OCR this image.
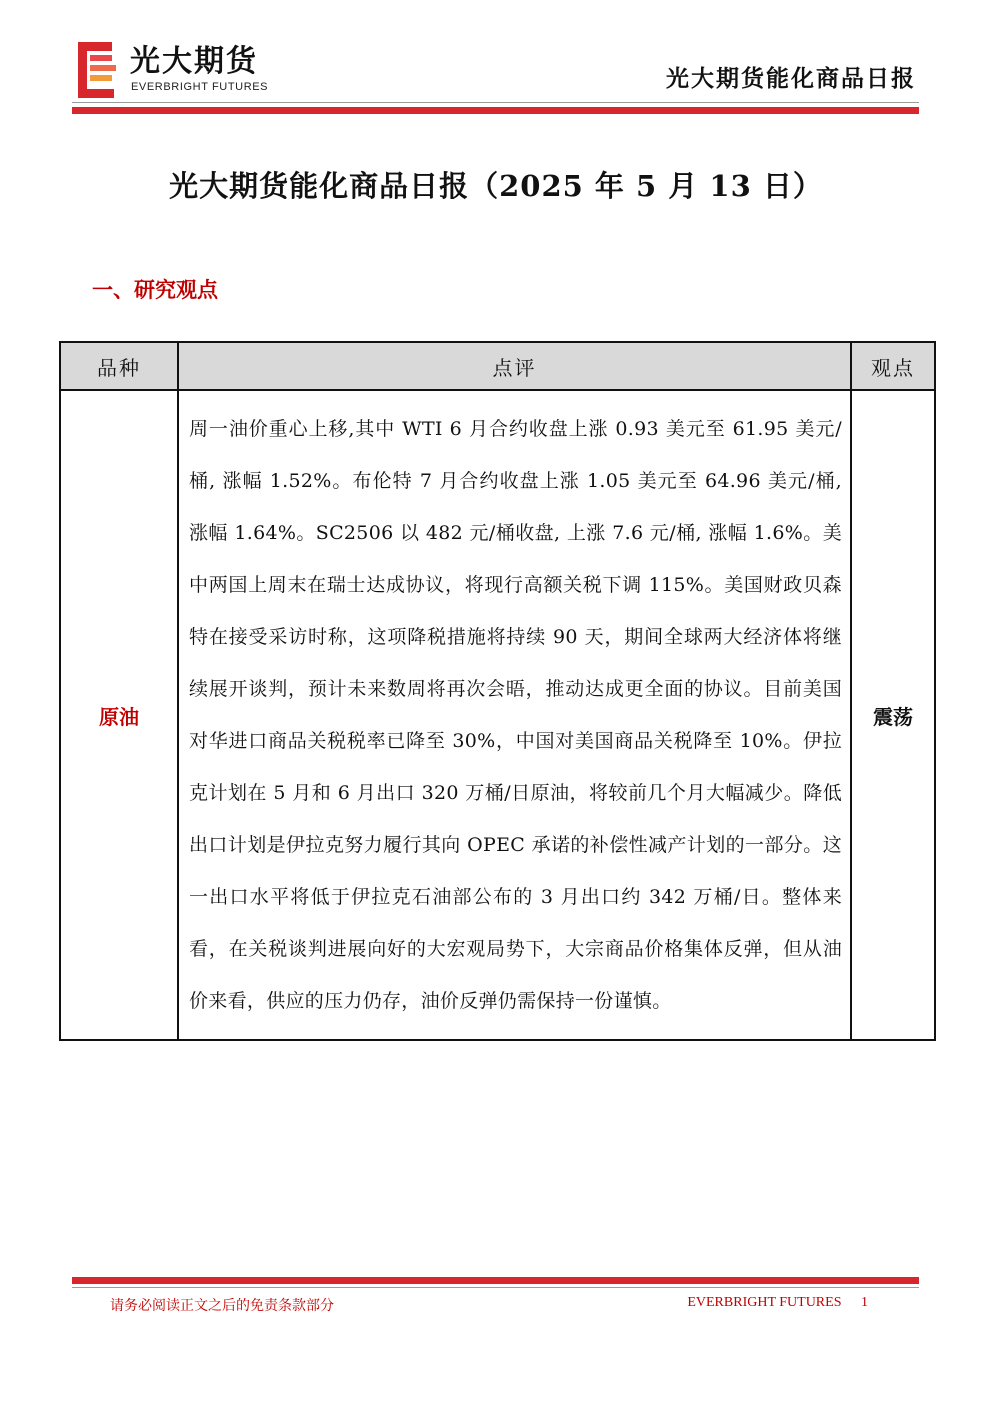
光大期货
EVERBRIGHT FUTURES	光大期货能化商品日报
光大期货能化商品日报（2025 年 5 月 13 日）
一、研究观点
品种	点评	观点
原油	周一油价重心上移,其中 WTI 6 月合约收盘上涨 0.93 美元至 61.95 美元/桶, 涨幅 1.52%。布伦特 7 月合约收盘上涨 1.05 美元至 64.96 美元/桶, 涨幅 1.64%。SC2506 以 482 元/桶收盘, 上涨 7.6 元/桶, 涨幅 1.6%。美中两国上周末在瑞士达成协议，将现行高额关税下调 115%。美国财政贝森特在接受采访时称，这项降税措施将持续 90 天，期间全球两大经济体将继续展开谈判，预计未来数周将再次会晤，推动达成更全面的协议。目前美国对华进口商品关税税率已降至 30%，中国对美国商品关税降至 10%。伊拉克计划在 5 月和 6 月出口 320 万桶/日原油，将较前几个月大幅减少。降低出口计划是伊拉克努力履行其向 OPEC 承诺的补偿性减产计划的一部分。这一出口水平将低于伊拉克石油部公布的 3 月出口约 342 万桶/日。整体来看，在关税谈判进展向好的大宏观局势下，大宗商品价格集体反弹，但从油价来看，供应的压力仍存，油价反弹仍需保持一份谨慎。	震荡
请务必阅读正文之后的免责条款部分	EVERBRIGHT FUTURES 1
